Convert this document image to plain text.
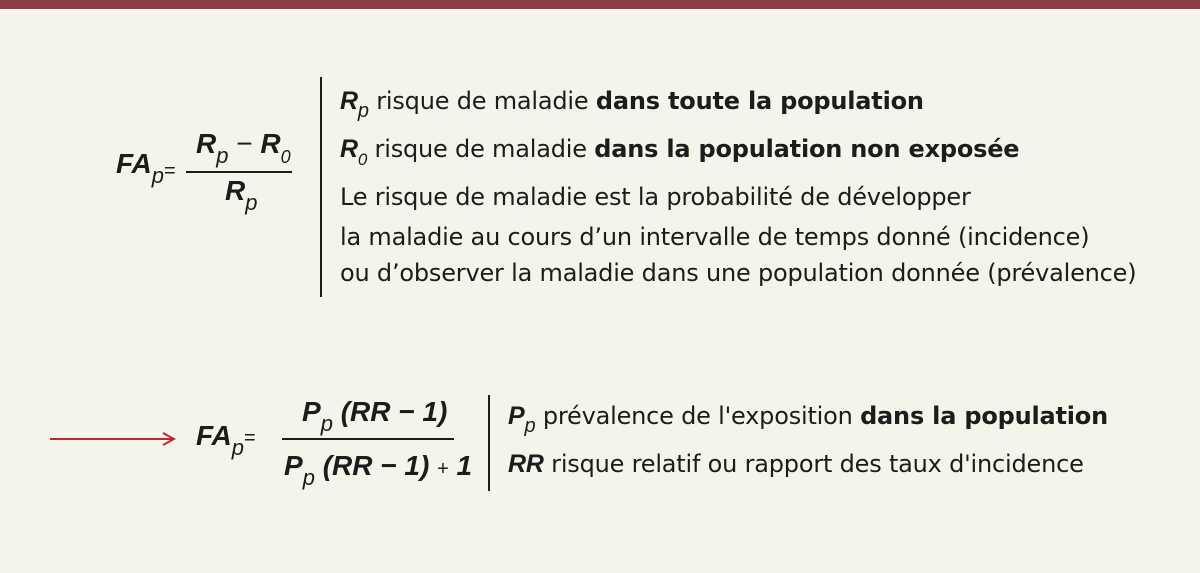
$FA_p$ =
$R_p - R_0$
$R_p$
$R_p$ risque de maladie dans toute la population
$R_0$ risque de maladie dans la population non exposée
Le risque de maladie est la probabilité de développer
la maladie au cours d’un intervalle de temps donné (incidence)
ou d’observer la maladie dans une population donnée (prévalence)
$FA_p$ =
$P_p$ (RR − 1)
$P_p$ (RR − 1) + 1
$P_p$ prévalence de l'exposition dans la population
RR risque relatif ou rapport des taux d'incidence
